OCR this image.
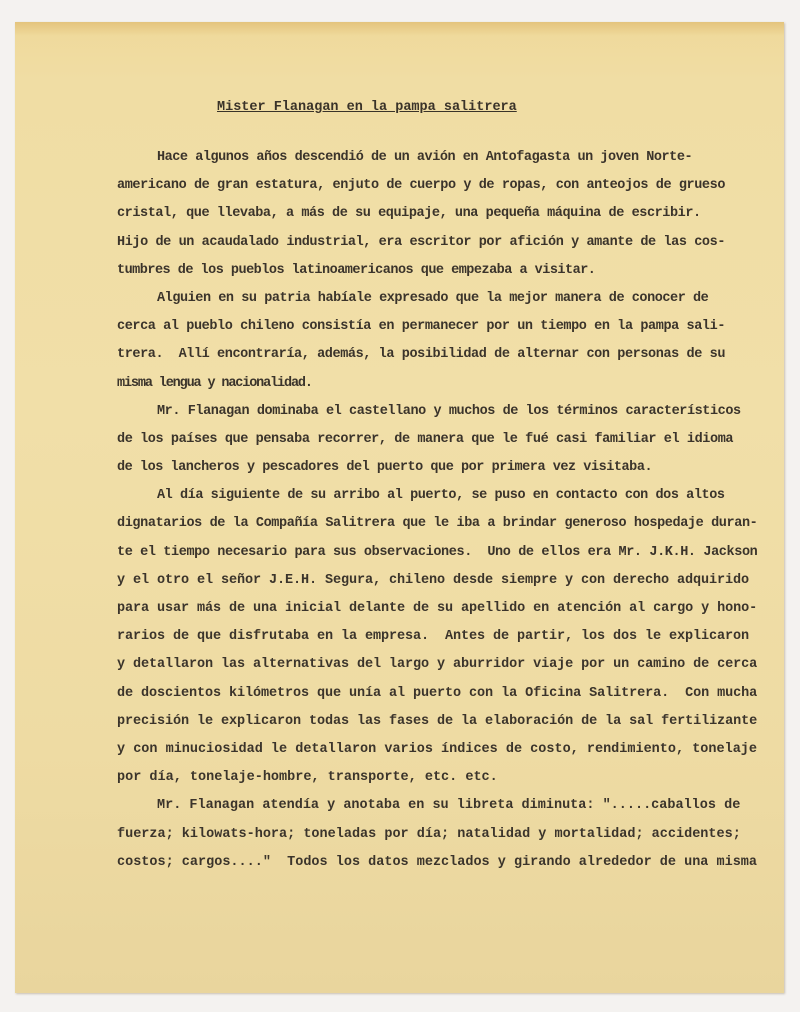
Mister Flanagan en la pampa salitrera
Hace algunos años descendió de un avión en Antofagasta un joven Norte-
americano de gran estatura, enjuto de cuerpo y de ropas, con anteojos de grueso
cristal, que llevaba, a más de su equipaje, una pequeña máquina de escribir.
Hijo de un acaudalado industrial, era escritor por afición y amante de las cos-
tumbres de los pueblos latinoamericanos que empezaba a visitar.
Alguien en su patria habíale expresado que la mejor manera de conocer de
cerca al pueblo chileno consistía en permanecer por un tiempo en la pampa sali-
trera.  Allí encontraría, además, la posibilidad de alternar con personas de su
misma lengua y nacionalidad.
Mr. Flanagan dominaba el castellano y muchos de los términos característicos
de los países que pensaba recorrer, de manera que le fué casi familiar el idioma
de los lancheros y pescadores del puerto que por primera vez visitaba.
Al día siguiente de su arribo al puerto, se puso en contacto con dos altos
dignatarios de la Compañía Salitrera que le iba a brindar generoso hospedaje duran-
te el tiempo necesario para sus observaciones.  Uno de ellos era Mr. J.K.H. Jackson
y el otro el señor J.E.H. Segura, chileno desde siempre y con derecho adquirido
para usar más de una inicial delante de su apellido en atención al cargo y hono-
rarios de que disfrutaba en la empresa.  Antes de partir, los dos le explicaron
y detallaron las alternativas del largo y aburridor viaje por un camino de cerca
de doscientos kilómetros que unía al puerto con la Oficina Salitrera.  Con mucha
precisión le explicaron todas las fases de la elaboración de la sal fertilizante
y con minuciosidad le detallaron varios índices de costo, rendimiento, tonelaje
por día, tonelaje-hombre, transporte, etc. etc.
Mr. Flanagan atendía y anotaba en su libreta diminuta: ".....caballos de
fuerza; kilowats-hora; toneladas por día; natalidad y mortalidad; accidentes;
costos; cargos...."  Todos los datos mezclados y girando alrededor de una misma
